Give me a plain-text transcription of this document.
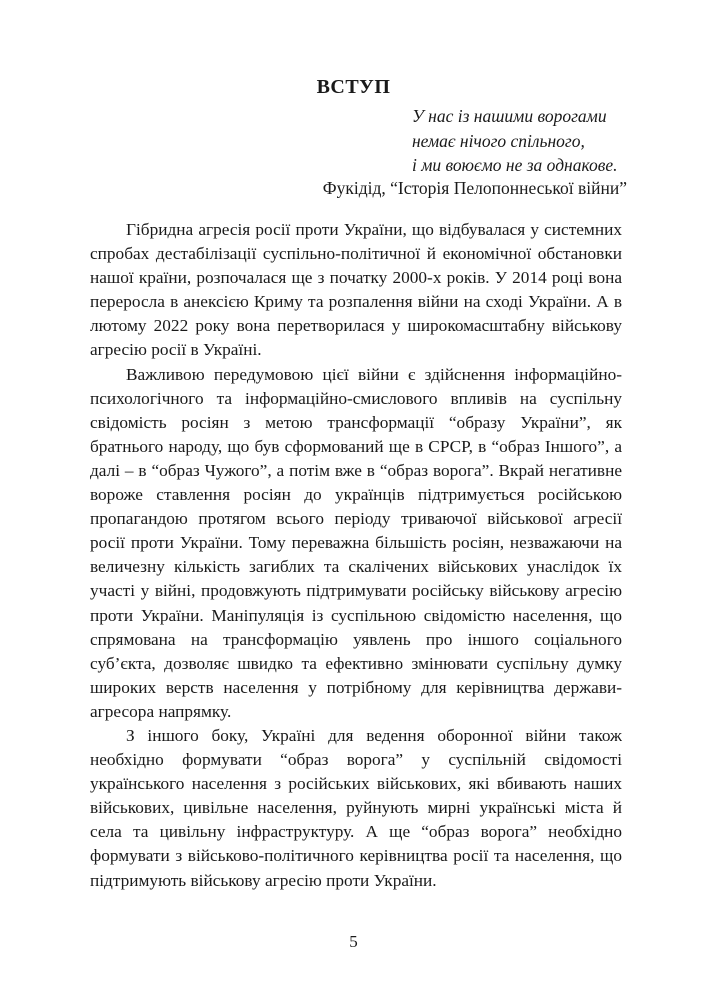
ВСТУП
У нас із нашими ворогами
немає нічого спільного,
і ми воюємо не за однакове.
Фукідід, “Історія Пелопоннеської війни”

Гібридна агресія росії проти України, що відбувалася у системних спробах дестабілізації суспільно-політичної й економічної обстановки нашої країни, розпочалася ще з початку 2000-х років. У 2014 році вона переросла в анексією Криму та розпалення війни на сході України. А в лютому 2022 року вона перетворилася у широкомасштабну військову агресію росії в Україні.

Важливою передумовою цієї війни є здійснення інформаційно-психологічного та інформаційно-смислового впливів на суспільну свідомість росіян з метою трансформації “образу України”, як братнього народу, що був сформований ще в СРСР, в “образ Іншого”, а далі – в “образ Чужого”, а потім вже в “образ ворога”. Вкрай негативне вороже ставлення росіян до українців підтримується російською пропагандою протягом всього періоду триваючої військової агресії росії проти України. Тому переважна більшість росіян, незважаючи на величезну кількість загиблих та скалічених військових унаслідок їх участі у війні, продовжують підтримувати російську військову агресію проти України. Маніпуляція із суспільною свідомістю населення, що спрямована на трансформацію уявлень про іншого соціального суб’єкта, дозволяє швидко та ефективно змінювати суспільну думку широких верств населення у потрібному для керівництва держави-агресора напрямку.

З іншого боку, Україні для ведення оборонної війни також необхідно формувати “образ ворога” у суспільній свідомості українського населення з російських військових, які вбивають наших військових, цивільне населення, руйнують мирні українські міста й села та цивільну інфраструктуру. А ще “образ ворога” необхідно формувати з військово-політичного керівництва росії та населення, що підтримують військову агресію проти України.

5
